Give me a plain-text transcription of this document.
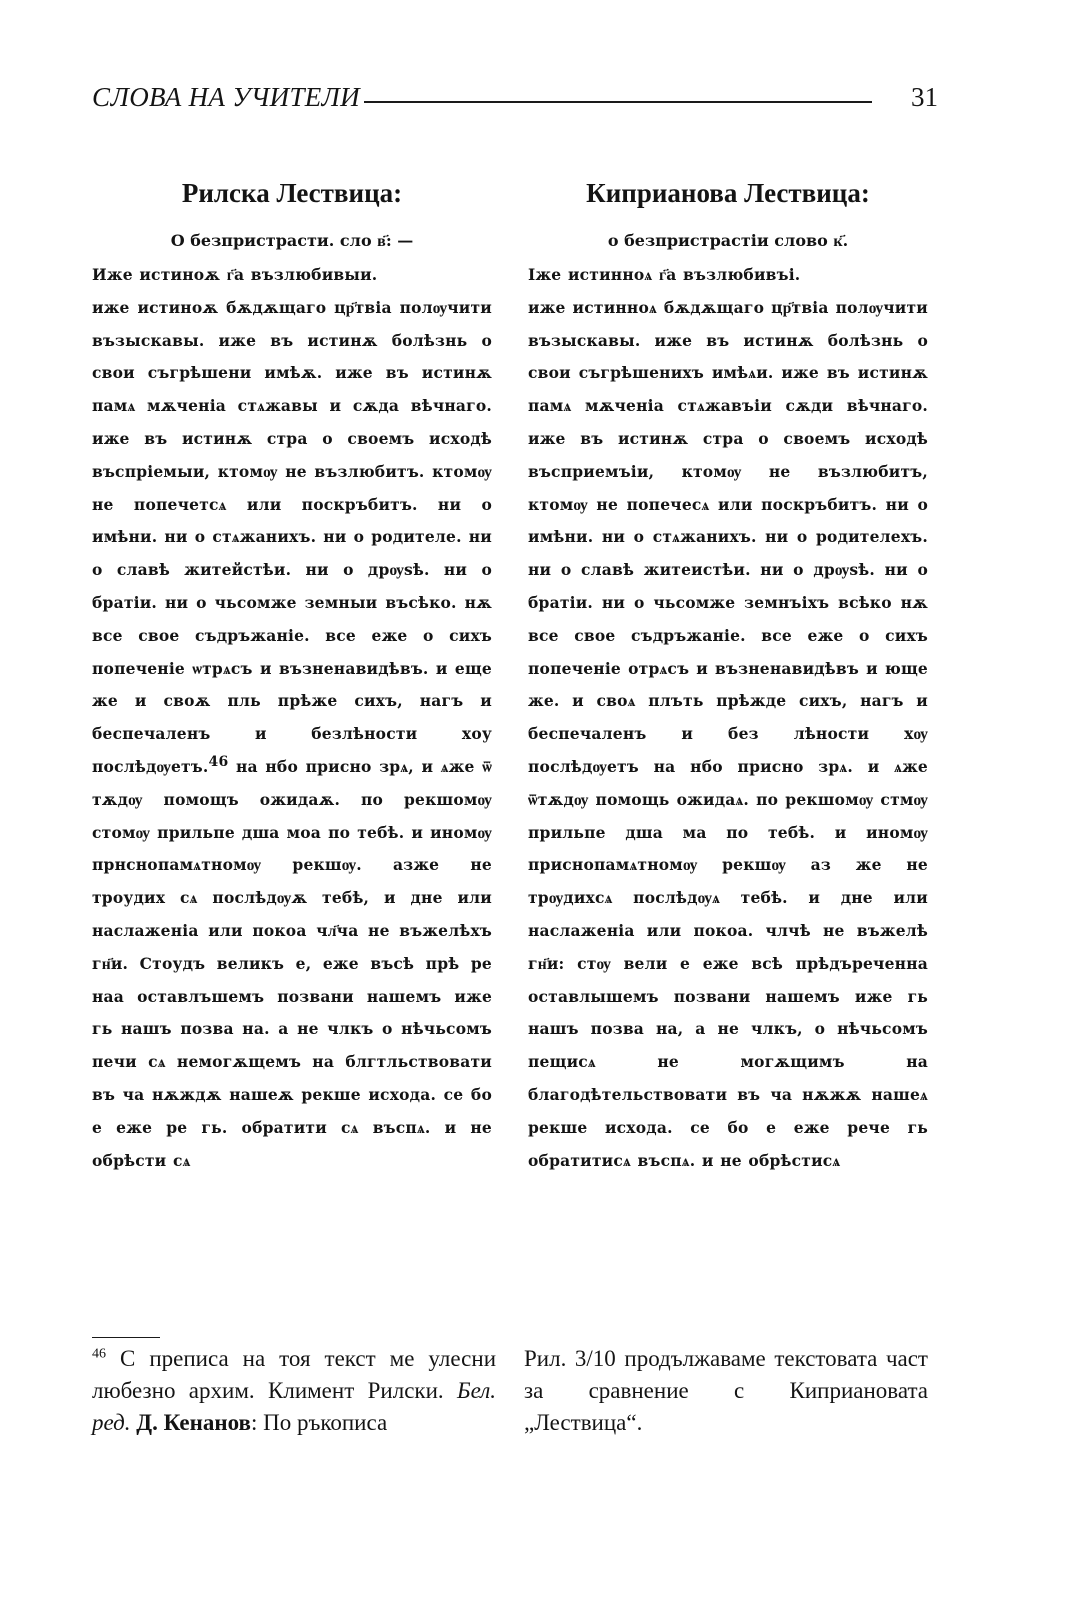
СЛОВА НА УЧИТЕЛИ	31
Рилска Лествица:
О безпристрасти. сло в҃: —

Иже истиноѫ г҃а възлюбивыи.
иже истиноѫ бѫдѫщаго цр҃твіа полѹчити възыскавы. иже въ истинѫ болѣзнь о свои съгрѣшени имѣѫ. иже въ истинѫ памѧ мѫченіа стѧжавы и сѫда вѣчнаго. иже въ истинѫ стра о своемъ исходѣ въспріемыи, ктомѹ не възлюбитъ. ктомѹ не попечетсѧ или поскръбитъ. ни о имѣни. ни о стѧжанихъ. ни о родителе. ни о славѣ житейстѣи. ни о дрѹѕѣ. ни о братіи. ни о чьсомже земныи въсѣко. нѫ все свое съдръжаніе. все еже о сихъ попеченіе ѡтрѧсъ и възненавидѣвъ. и еще же и своѫ пль прѣже сихъ, нагъ и беспечаленъ и безлѣности хоу послѣдѹетъ.$^{46}$ на нбо присно зрѧ, и ѧже ѿ тѫдѹ помощъ ожидаѫ. по рекшомѹ стомѹ прильпе дша моа по тебѣ. и иномѹ прнснопамѧтномѹ рекшѹ. азже не троудих сѧ послѣдѹѫ тебѣ, и дне или наслаженіа или покоа чл҃ча не въжелѣхъ гн҃и. Стоудъ великъ е, еже въсѣ прѣ ре наа оставлъшемъ позвани нашемъ иже гь нашъ позва на. а не члкъ о нѣчьсомъ печи сѧ немогѫщемъ на блгтльствовати въ ча нѫждѫ нашеѫ рекше исхода. се бо е еже ре гь. обратити сѧ въспѧ. и не обрѣсти сѧ

Киприанова Лествица:
о безпристрастіи слово к҃.

Іже истинноѧ г҃а възлюбивъі.
иже истинноѧ бѫдѫщаго цр҃твіа полѹчити възыскавы. иже въ истинѫ болѣзнь о свои съгрѣшенихъ имѣѧи. иже въ истинѫ памѧ мѫченіа стѧжавъіи сѫди вѣчнаго. иже въ истинѫ стра о своемъ исходѣ въсприемъіи, ктомѹ не възлюбитъ, ктомѹ не попечесѧ или поскръбитъ. ни о имѣни. ни о стѧжанихъ. ни о родителехъ. ни о славѣ житеистѣи. ни о дрѹѕѣ. ни о братіи. ни о чьсомже земнъіхъ всѣко нѫ все свое съдръжаніе. все еже о сихъ попеченіе отрѧсъ и възненавидѣвъ и юще же. и своѧ плъть прѣжде сихъ, нагъ и беспечаленъ и без лѣности хѹ послѣдѹетъ на нбо присно зрѧ. и ѧже ѿтѫдѹ помощь ожидаѧ. по рекшомѹ стмѹ прильпе дша ма по тебѣ. и иномѹ приснопамѧтномѹ рекшѹ аз же не трѹдихсѧ послѣдѹѧ тебѣ. и дне или наслаженіа или покоа. члчѣ не въжелѣ гн҃и: стѹ вели е еже всѣ прѣдъреченна оставлышемъ позвани нашемъ иже гь нашъ позва на, а не члкъ, о нѣчьсомъ пещисѧ не могѫщимъ на благодѣтельствовати въ ча нѫжѫ нашеѧ рекше исхода. се бо е еже рече гь обратитисѧ въспѧ. и не обрѣстисѧ

$^{46}$ С преписа на тоя текст ме улесни любезно архим. Климент Рилски. Бел. ред. Д. Кенанов: По ръкописа

Рил. 3/10 продължаваме текстовата част за сравнение с Киприановата „Лествица“.
